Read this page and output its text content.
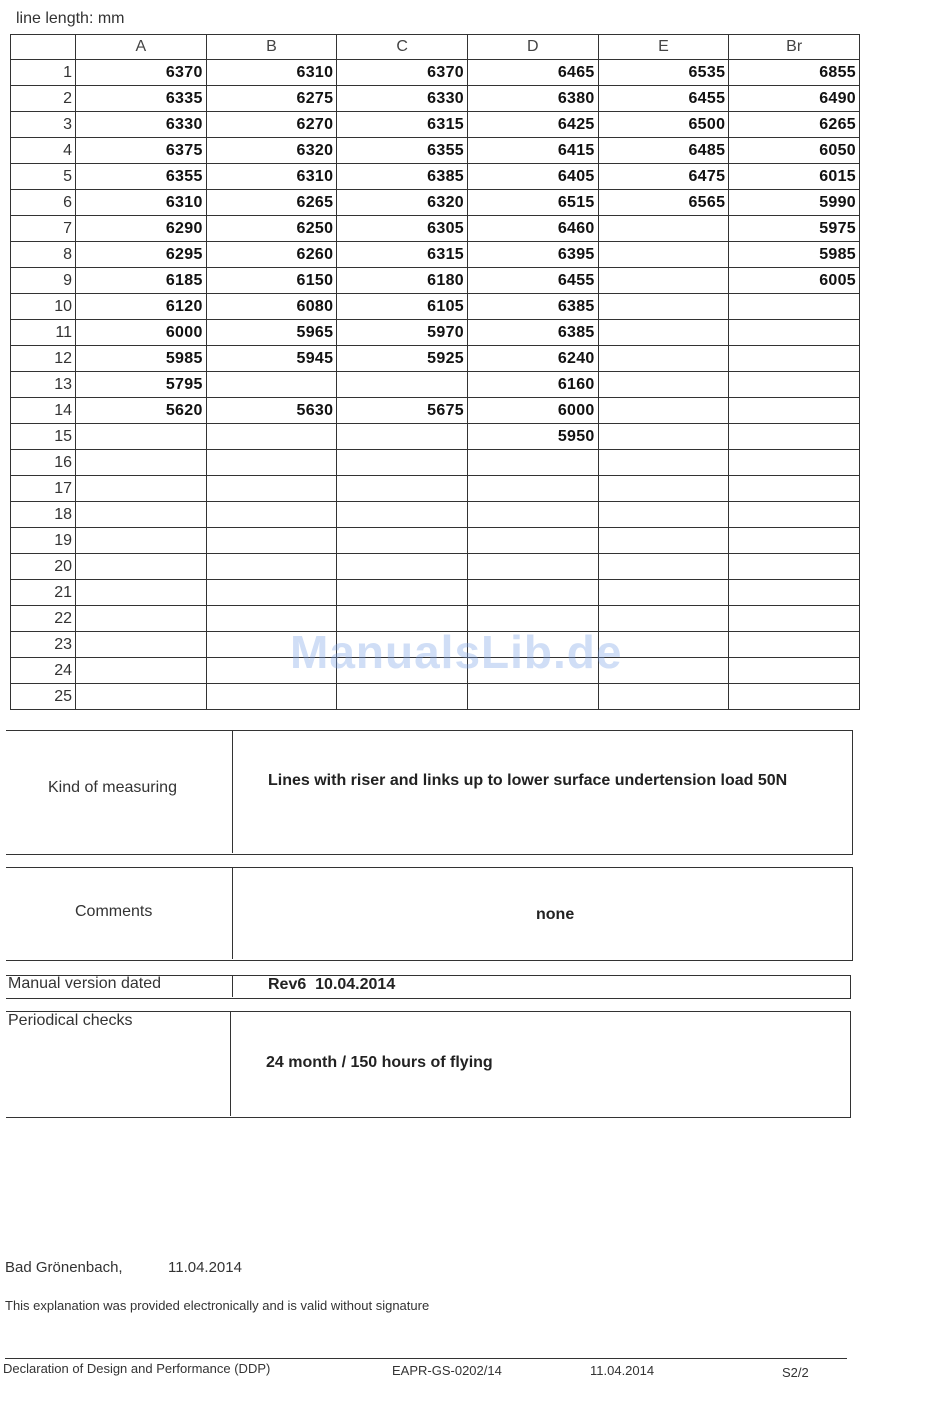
line length: mm
	A	B	C	D	E	Br
1	6370	6310	6370	6465	6535	6855
2	6335	6275	6330	6380	6455	6490
3	6330	6270	6315	6425	6500	6265
4	6375	6320	6355	6415	6485	6050
5	6355	6310	6385	6405	6475	6015
6	6310	6265	6320	6515	6565	5990
7	6290	6250	6305	6460		5975
8	6295	6260	6315	6395		5985
9	6185	6150	6180	6455		6005
10	6120	6080	6105	6385		
11	6000	5965	5970	6385		
12	5985	5945	5925	6240		
13	5795			6160		
14	5620	5630	5675	6000		
15				5950		
16						
17						
18						
19						
20						
21						
22						
23						
24						
25						
ManualsLib.de
Kind of measuring	Lines with riser and links up to lower surface undertension load 50N
Comments	none
Manual version dated	Rev6  10.04.2014
Periodical checks
24 month / 150 hours of flying
Bad Grönenbach,	11.04.2014
This explanation was provided electronically and is valid without signature
Declaration of Design and Performance (DDP)	EAPR-GS-0202/14	11.04.2014	S2/2
